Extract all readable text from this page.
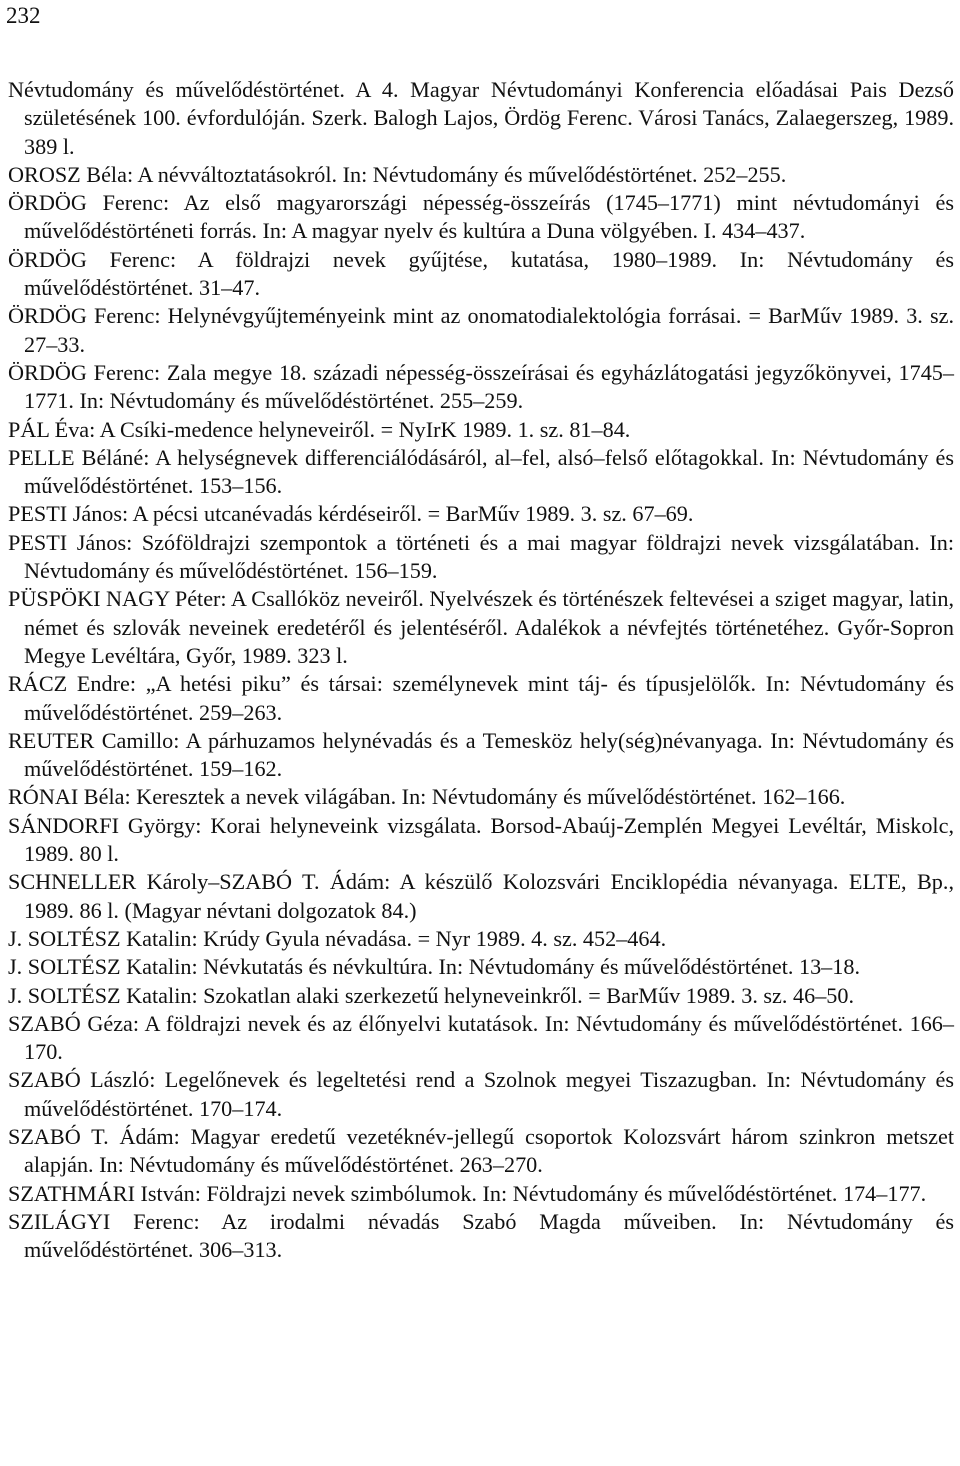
232
Névtudomány és művelődéstörténet. A 4. Magyar Névtudományi Konferencia előadásai Pais Dezső születésének 100. évfordulóján. Szerk. Balogh Lajos, Ördög Ferenc. Városi Tanács, Zalaegerszeg, 1989. 389 l.
OROSZ Béla: A névváltoztatásokról. In: Névtudomány és művelődéstörténet. 252–255.
ÖRDÖG Ferenc: Az első magyarországi népesség-összeírás (1745–1771) mint névtudományi és művelődéstörténeti forrás. In: A magyar nyelv és kultúra a Duna völgyében. I. 434–437.
ÖRDÖG Ferenc: A földrajzi nevek gyűjtése, kutatása, 1980–1989. In: Névtudomány és művelődéstörténet. 31–47.
ÖRDÖG Ferenc: Helynévgyűjteményeink mint az onomatodialektológia forrásai. = BarMűv 1989. 3. sz. 27–33.
ÖRDÖG Ferenc: Zala megye 18. századi népesség-összeírásai és egyházlátogatási jegyzőkönyvei, 1745–1771. In: Névtudomány és művelődéstörténet. 255–259.
PÁL Éva: A Csíki-medence helyneveiről. = NyIrK 1989. 1. sz. 81–84.
PELLE Béláné: A helységnevek differenciálódásáról, al–fel, alsó–felső előtagokkal. In: Névtudomány és művelődéstörténet. 153–156.
PESTI János: A pécsi utcanévadás kérdéseiről. = BarMűv 1989. 3. sz. 67–69.
PESTI János: Szóföldrajzi szempontok a történeti és a mai magyar földrajzi nevek vizsgálatában. In: Névtudomány és művelődéstörténet. 156–159.
PÜSPÖKI NAGY Péter: A Csallóköz neveiről. Nyelvészek és történészek feltevései a sziget magyar, latin, német és szlovák neveinek eredetéről és jelentéséről. Adalékok a névfejtés történetéhez. Győr-Sopron Megye Levéltára, Győr, 1989. 323 l.
RÁCZ Endre: „A hetési piku” és társai: személynevek mint táj- és típusjelölők. In: Névtudomány és művelődéstörténet. 259–263.
REUTER Camillo: A párhuzamos helynévadás és a Temesköz hely(ség)névanyaga. In: Névtudomány és művelődéstörténet. 159–162.
RÓNAI Béla: Keresztek a nevek világában. In: Névtudomány és művelődéstörténet. 162–166.
SÁNDORFI György: Korai helyneveink vizsgálata. Borsod-Abaúj-Zemplén Megyei Levéltár, Miskolc, 1989. 80 l.
SCHNELLER Károly–SZABÓ T. Ádám: A készülő Kolozsvári Enciklopédia névanyaga. ELTE, Bp., 1989. 86 l. (Magyar névtani dolgozatok 84.)
J. SOLTÉSZ Katalin: Krúdy Gyula névadása. = Nyr 1989. 4. sz. 452–464.
J. SOLTÉSZ Katalin: Névkutatás és névkultúra. In: Névtudomány és művelődéstörténet. 13–18.
J. SOLTÉSZ Katalin: Szokatlan alaki szerkezetű helyneveinkről. = BarMűv 1989. 3. sz. 46–50.
SZABÓ Géza: A földrajzi nevek és az élőnyelvi kutatások. In: Névtudomány és művelődéstörténet. 166–170.
SZABÓ László: Legelőnevek és legeltetési rend a Szolnok megyei Tiszazugban. In: Névtudomány és művelődéstörténet. 170–174.
SZABÓ T. Ádám: Magyar eredetű vezetéknév-jellegű csoportok Kolozsvárt három szinkron metszet alapján. In: Névtudomány és művelődéstörténet. 263–270.
SZATHMÁRI István: Földrajzi nevek szimbólumok. In: Névtudomány és művelődéstörténet. 174–177.
SZILÁGYI Ferenc: Az irodalmi névadás Szabó Magda műveiben. In: Névtudomány és művelődéstörténet. 306–313.
